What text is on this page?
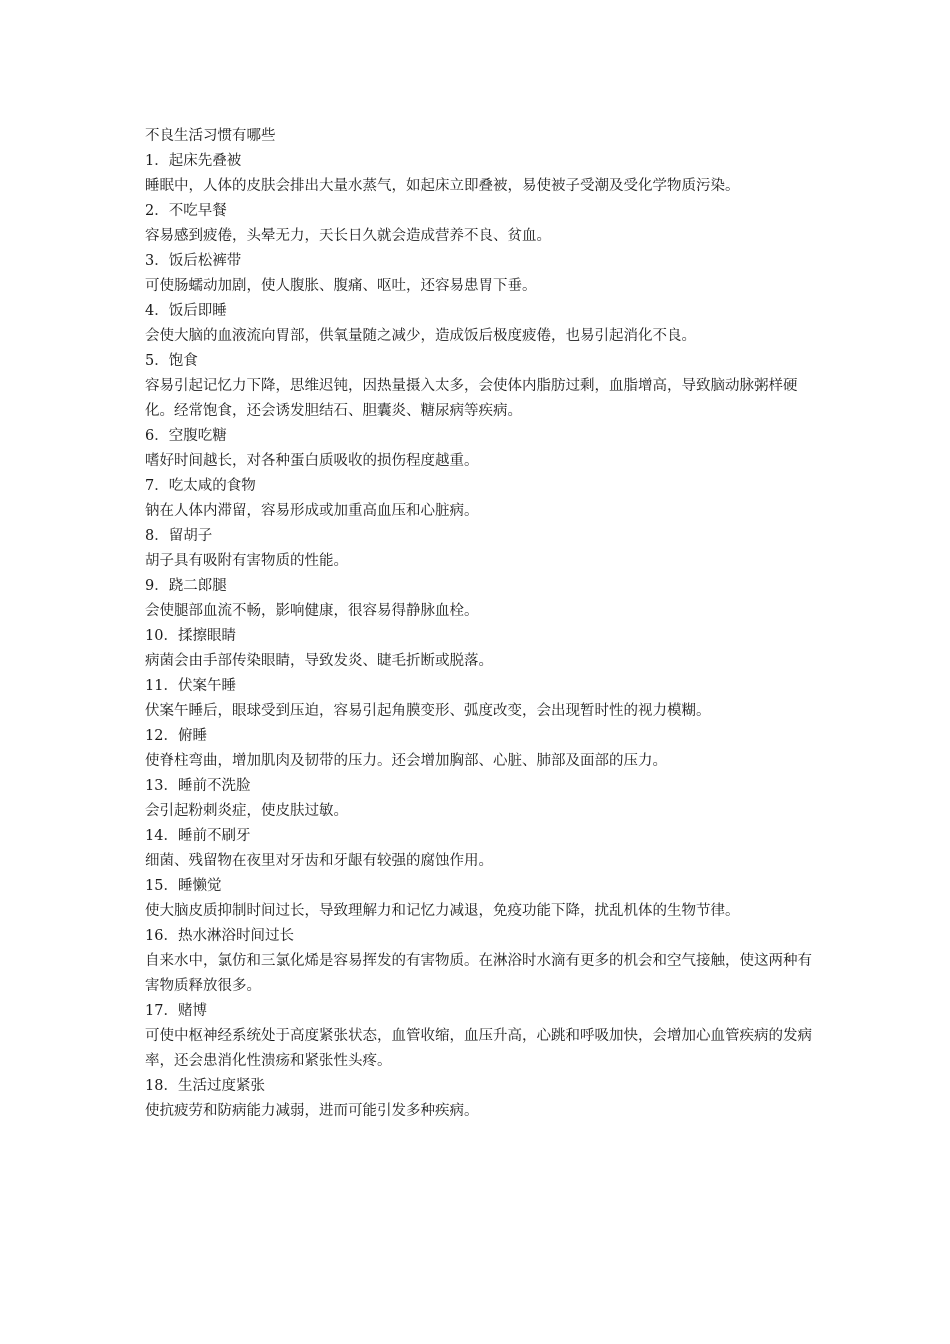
不良生活习惯有哪些

1．起床先叠被

睡眠中，人体的皮肤会排出大量水蒸气，如起床立即叠被，易使被子受潮及受化学物质污染。

2．不吃早餐

容易感到疲倦，头晕无力，天长日久就会造成营养不良、贫血。

3．饭后松裤带

可使肠蠕动加剧，使人腹胀、腹痛、呕吐，还容易患胃下垂。

4．饭后即睡

会使大脑的血液流向胃部，供氧量随之减少，造成饭后极度疲倦，也易引起消化不良。

5．饱食

容易引起记忆力下降，思维迟钝，因热量摄入太多，会使体内脂肪过剩，血脂增高，导致脑动脉粥样硬化。经常饱食，还会诱发胆结石、胆囊炎、糖尿病等疾病。

6．空腹吃糖

嗜好时间越长，对各种蛋白质吸收的损伤程度越重。

7．吃太咸的食物

钠在人体内滞留，容易形成或加重高血压和心脏病。

8．留胡子

胡子具有吸附有害物质的性能。

9．跷二郎腿

会使腿部血流不畅，影响健康，很容易得静脉血栓。

10．揉擦眼睛

病菌会由手部传染眼睛，导致发炎、睫毛折断或脱落。

11．伏案午睡

伏案午睡后，眼球受到压迫，容易引起角膜变形、弧度改变，会出现暂时性的视力模糊。

12．俯睡

使脊柱弯曲，增加肌肉及韧带的压力。还会增加胸部、心脏、肺部及面部的压力。

13．睡前不洗脸

会引起粉刺炎症，使皮肤过敏。

14．睡前不刷牙

细菌、残留物在夜里对牙齿和牙龈有较强的腐蚀作用。

15．睡懒觉

使大脑皮质抑制时间过长，导致理解力和记忆力减退，免疫功能下降，扰乱机体的生物节律。

16．热水淋浴时间过长

自来水中，氯仿和三氯化烯是容易挥发的有害物质。在淋浴时水滴有更多的机会和空气接触，使这两种有害物质释放很多。

17．赌博

可使中枢神经系统处于高度紧张状态，血管收缩，血压升高，心跳和呼吸加快，会增加心血管疾病的发病率，还会患消化性溃疡和紧张性头疼。

18．生活过度紧张

使抗疲劳和防病能力减弱，进而可能引发多种疾病。
